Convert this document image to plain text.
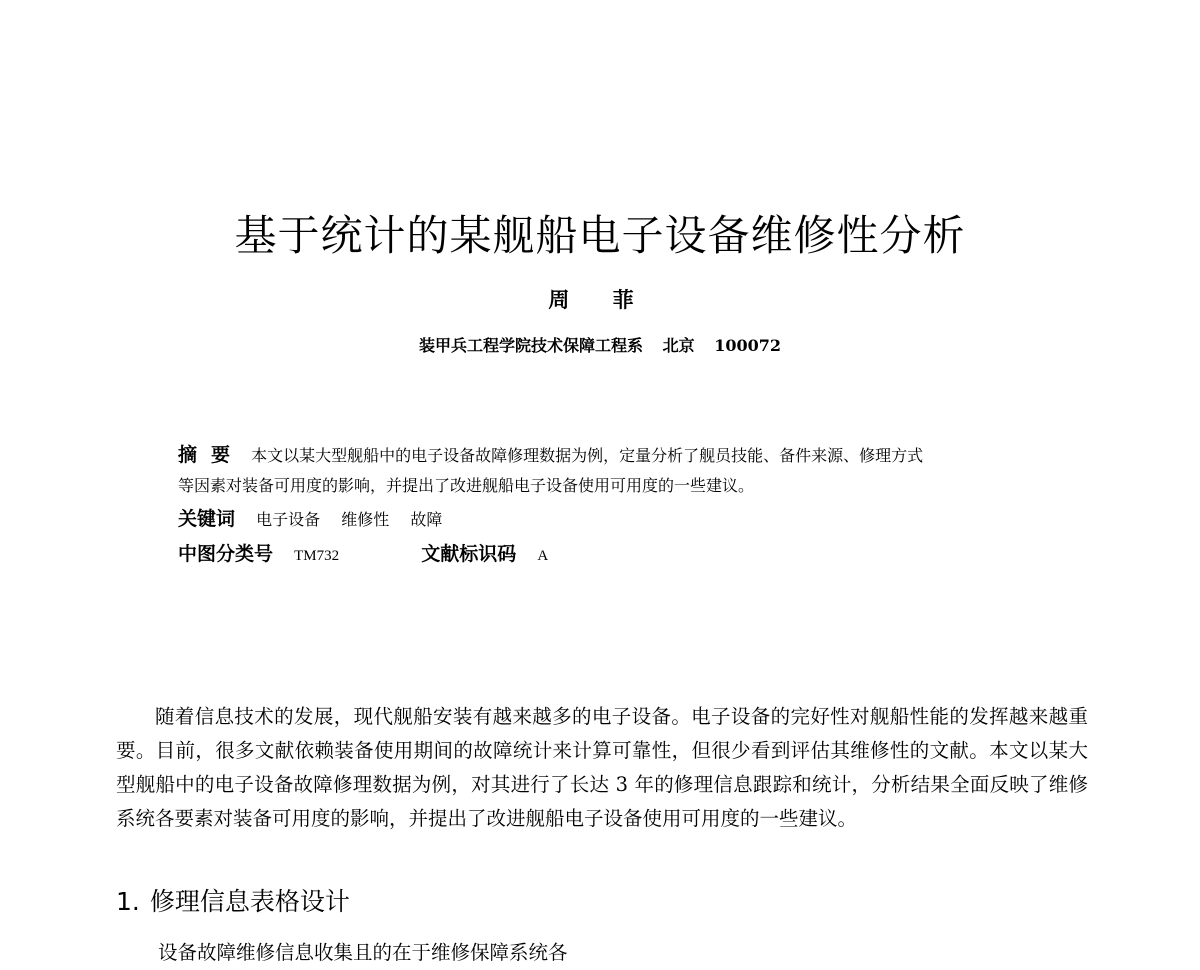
基于统计的某舰船电子设备维修性分析
周 菲
装甲兵工程学院技术保障工程系 北京 100072
摘要 本文以某大型舰船中的电子设备故障修理数据为例，定量分析了舰员技能、备件来源、修理方式
等因素对装备可用度的影响，并提出了改进舰船电子设备使用可用度的一些建议。
关键词 电子设备 维修性 故障
中图分类号 TM732	文献标识码 A

随着信息技术的发展，现代舰船安装有越来越多的电子设备。电子设备的完好性对舰船性能的发挥越来越重要。目前，很多文献依赖装备使用期间的故障统计来计算可靠性，但很少看到评估其维修性的文献。本文以某大型舰船中的电子设备故障修理数据为例，对其进行了长达 3 年的修理信息跟踪和统计，分析结果全面反映了维修系统各要素对装备可用度的影响，并提出了改进舰船电子设备使用可用度的一些建议。

1. 修理信息表格设计
设备故障维修信息收集且的在于维修保障系统各
